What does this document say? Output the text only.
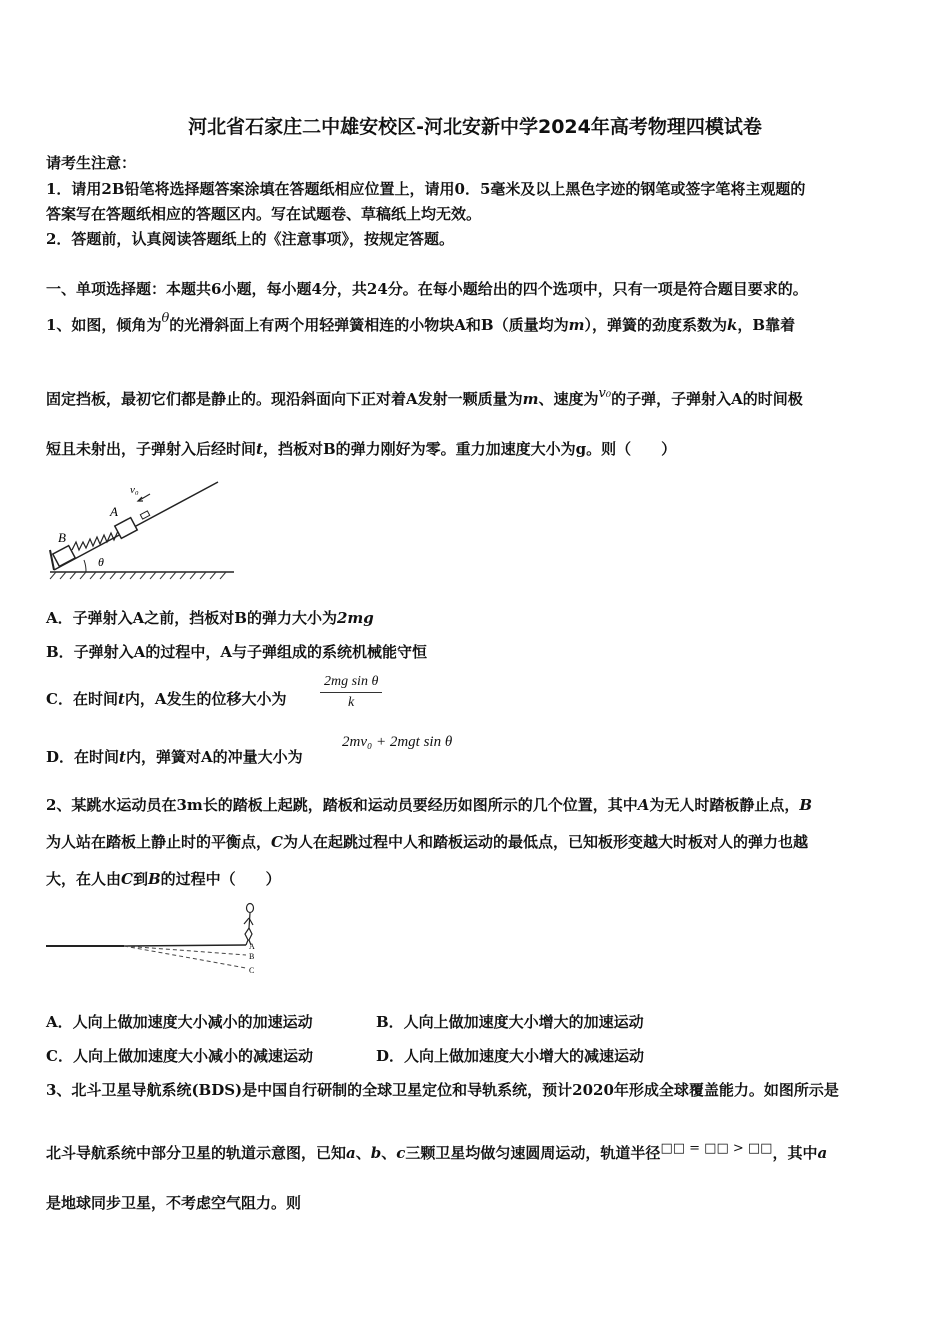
河北省石家庄二中雄安校区-河北安新中学2024年高考物理四模试卷
请考生注意：
1．请用2B铅笔将选择题答案涂填在答题纸相应位置上，请用0．5毫米及以上黑色字迹的钢笔或签字笔将主观题的
答案写在答题纸相应的答题区内。写在试题卷、草稿纸上均无效。
2．答题前，认真阅读答题纸上的《注意事项》，按规定答题。
一、单项选择题：本题共6小题，每小题4分，共24分。在每小题给出的四个选项中，只有一项是符合题目要求的。
1、如图，倾角为θ的光滑斜面上有两个用轻弹簧相连的小物块A和B（质量均为m），弹簧的劲度系数为k，B靠着
固定挡板，最初它们都是静止的。现沿斜面向下正对着A发射一颗质量为m、速度为v₀的子弹，子弹射入A的时间极
短且未射出，子弹射入后经时间t，挡板对B的弹力刚好为零。重力加速度大小为g。则（　　）
v₀
A
B
θ
A．子弹射入A之前，挡板对B的弹力大小为2mg
B．子弹射入A的过程中，A与子弹组成的系统机械能守恒
C．在时间t内，A发生的位移大小为 $\frac{\text{2mg sin θ}}{k}$
D．在时间t内，弹簧对A的冲量大小为
2mv₀ + 2mgt sin θ
2、某跳水运动员在3m长的踏板上起跳，踏板和运动员要经历如图所示的几个位置，其中A为无人时踏板静止点，B
为人站在踏板上静止时的平衡点，C为人在起跳过程中人和踏板运动的最低点，已知板形变越大时板对人的弹力也越
大，在人由C到B的过程中（　　）
A
B
C
A．人向上做加速度大小减小的加速运动	B．人向上做加速度大小增大的加速运动
C．人向上做加速度大小减小的减速运动	D．人向上做加速度大小增大的减速运动
3、北斗卫星导航系统(BDS)是中国自行研制的全球卫星定位和导轨系统，预计2020年形成全球覆盖能力。如图所示是
北斗导航系统中部分卫星的轨道示意图，已知a、b、c三颗卫星均做匀速圆周运动，轨道半径□□ = □□ > □□，其中a
是地球同步卫星，不考虑空气阻力。则
